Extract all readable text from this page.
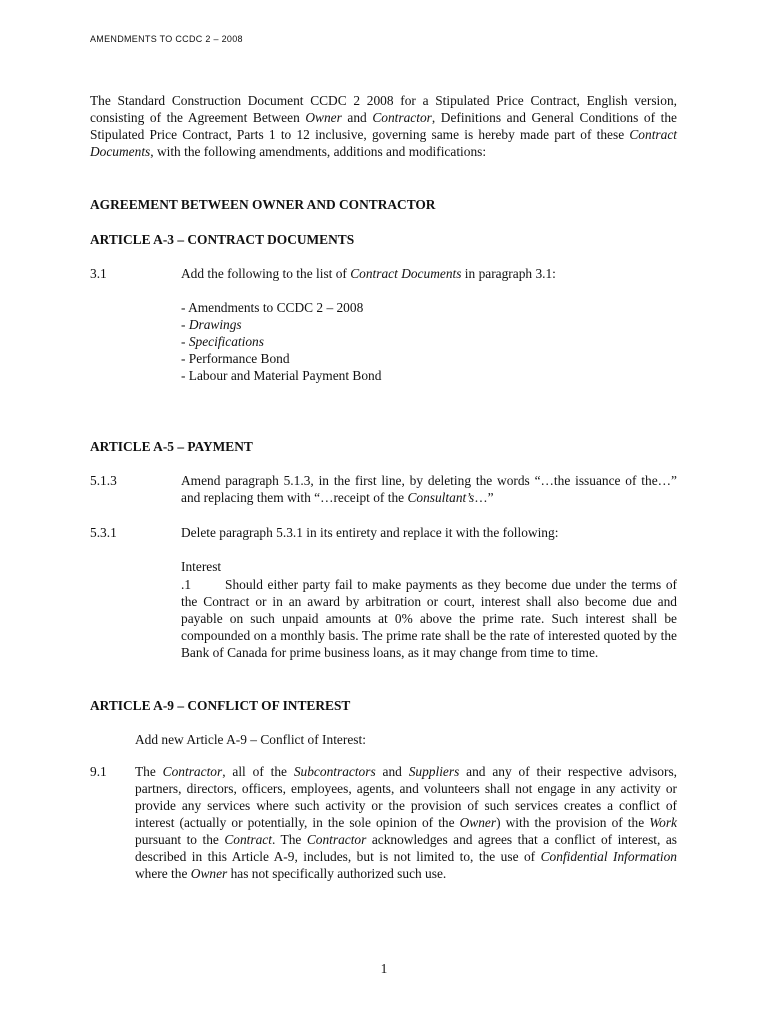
AMENDMENTS TO CCDC 2 – 2008
The Standard Construction Document CCDC 2 2008 for a Stipulated Price Contract, English version, consisting of the Agreement Between Owner and Contractor, Definitions and General Conditions of the Stipulated Price Contract, Parts 1 to 12 inclusive, governing same is hereby made part of these Contract Documents, with the following amendments, additions and modifications:
AGREEMENT BETWEEN OWNER AND CONTRACTOR
ARTICLE A-3 – CONTRACT DOCUMENTS
3.1	Add the following to the list of Contract Documents in paragraph 3.1:
- Amendments to CCDC 2 – 2008
- Drawings
- Specifications
- Performance Bond
- Labour and Material Payment Bond
ARTICLE A-5 – PAYMENT
5.1.3	Amend paragraph 5.1.3, in the first line, by deleting the words “…the issuance of the…” and replacing them with “…receipt of the Consultant’s…”
5.3.1	Delete paragraph 5.3.1 in its entirety and replace it with the following:
Interest
.1	Should either party fail to make payments as they become due under the terms of the Contract or in an award by arbitration or court, interest shall also become due and payable on such unpaid amounts at 0% above the prime rate. Such interest shall be compounded on a monthly basis. The prime rate shall be the rate of interested quoted by the Bank of Canada for prime business loans, as it may change from time to time.
ARTICLE A-9 – CONFLICT OF INTEREST
Add new Article A-9 – Conflict of Interest:
9.1 The Contractor, all of the Subcontractors and Suppliers and any of their respective advisors, partners, directors, officers, employees, agents, and volunteers shall not engage in any activity or provide any services where such activity or the provision of such services creates a conflict of interest (actually or potentially, in the sole opinion of the Owner) with the provision of the Work pursuant to the Contract. The Contractor acknowledges and agrees that a conflict of interest, as described in this Article A-9, includes, but is not limited to, the use of Confidential Information where the Owner has not specifically authorized such use.
1
